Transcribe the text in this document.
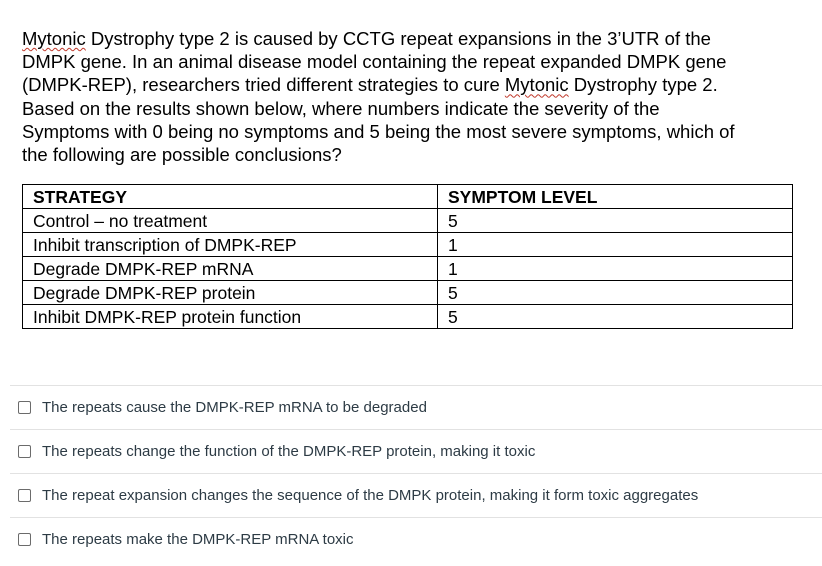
Mytonic Dystrophy type 2 is caused by CCTG repeat expansions in the 3’UTR of the
DMPK gene. In an animal disease model containing the repeat expanded DMPK gene
(DMPK-REP), researchers tried different strategies to cure Mytonic Dystrophy type 2.
Based on the results shown below, where numbers indicate the severity of the
Symptoms with 0 being no symptoms and 5 being the most severe symptoms, which of
the following are possible conclusions?
STRATEGY	SYMPTOM LEVEL
Control – no treatment	5
Inhibit transcription of DMPK-REP	1
Degrade DMPK-REP mRNA	1
Degrade DMPK-REP protein	5
Inhibit DMPK-REP protein function	5
The repeats cause the DMPK-REP mRNA to be degraded
The repeats change the function of the DMPK-REP protein, making it toxic
The repeat expansion changes the sequence of the DMPK protein, making it form toxic aggregates
The repeats make the DMPK-REP mRNA toxic
